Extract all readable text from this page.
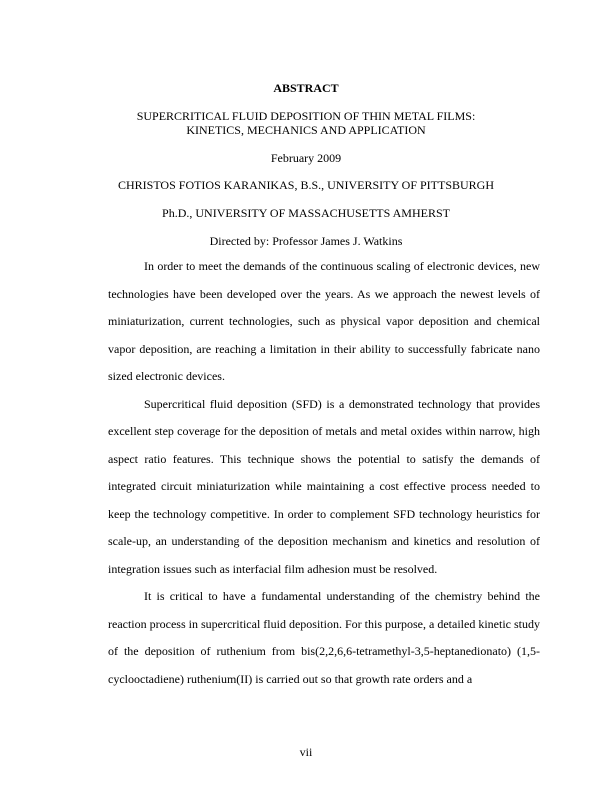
ABSTRACT
SUPERCRITICAL FLUID DEPOSITION OF THIN METAL FILMS:
KINETICS, MECHANICS AND APPLICATION
February 2009
CHRISTOS FOTIOS KARANIKAS, B.S., UNIVERSITY OF PITTSBURGH
Ph.D., UNIVERSITY OF MASSACHUSETTS AMHERST
Directed by: Professor James J. Watkins

In order to meet the demands of the continuous scaling of electronic devices, new technologies have been developed over the years. As we approach the newest levels of miniaturization, current technologies, such as physical vapor deposition and chemical vapor deposition, are reaching a limitation in their ability to successfully fabricate nano sized electronic devices.

Supercritical fluid deposition (SFD) is a demonstrated technology that provides excellent step coverage for the deposition of metals and metal oxides within narrow, high aspect ratio features. This technique shows the potential to satisfy the demands of integrated circuit miniaturization while maintaining a cost effective process needed to keep the technology competitive. In order to complement SFD technology heuristics for scale-up, an understanding of the deposition mechanism and kinetics and resolution of integration issues such as interfacial film adhesion must be resolved.

It is critical to have a fundamental understanding of the chemistry behind the reaction process in supercritical fluid deposition. For this purpose, a detailed kinetic study of the deposition of ruthenium from bis(2,2,6,6-tetramethyl-3,5-heptanedionato) (1,5-cyclooctadiene) ruthenium(II) is carried out so that growth rate orders and a

vii
